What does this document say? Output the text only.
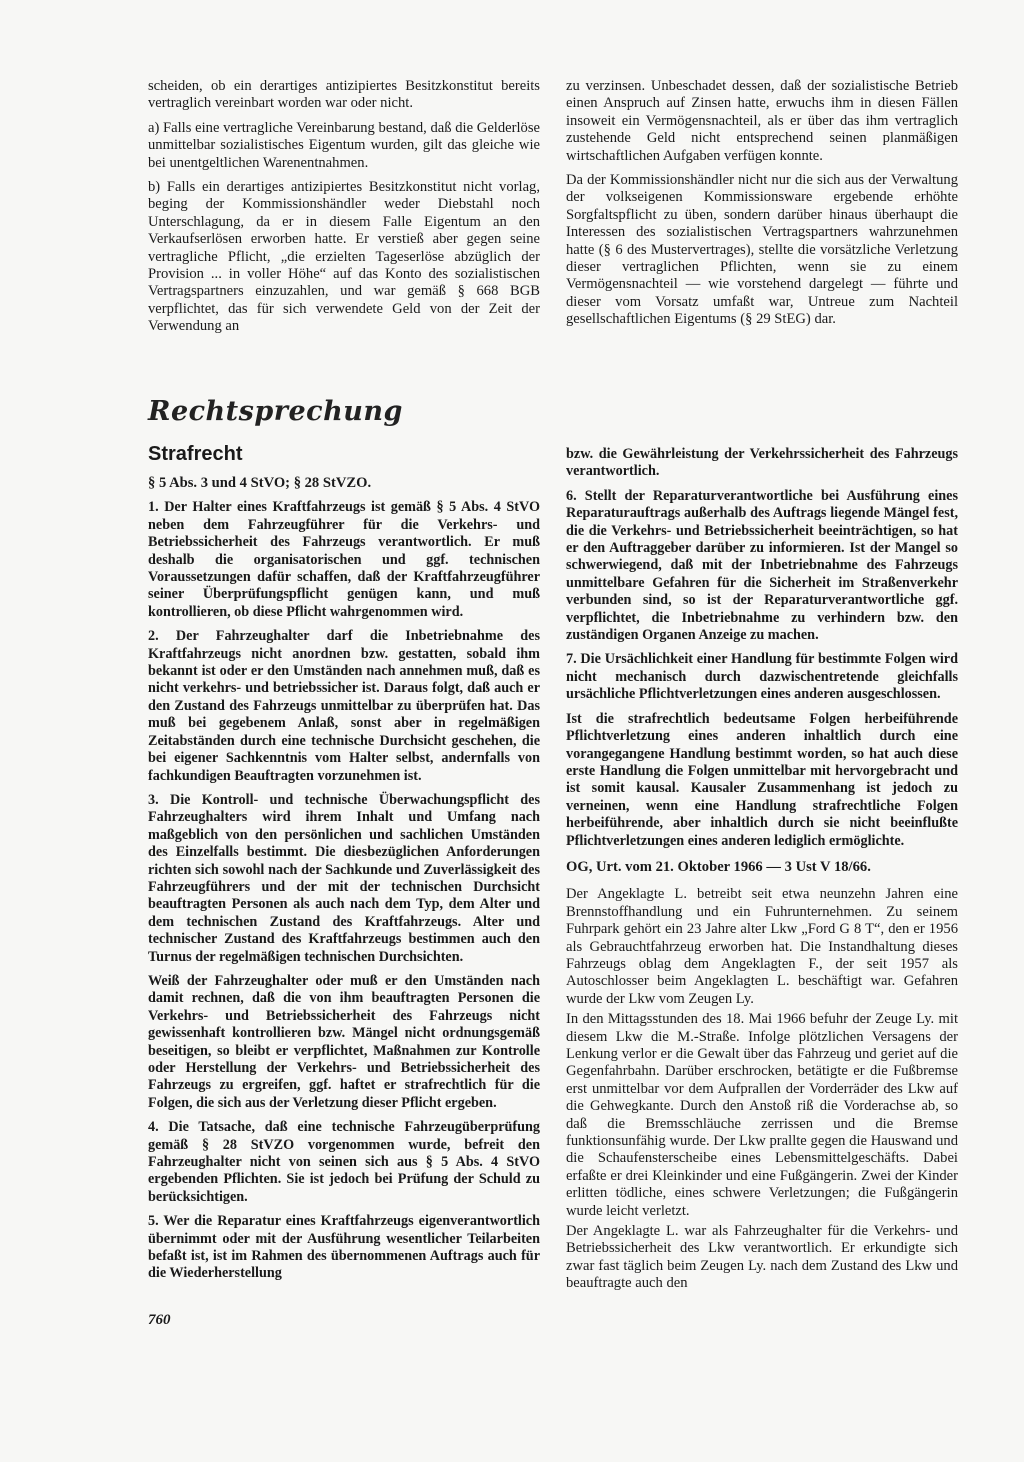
scheiden, ob ein derartiges antizipiertes Besitzkonstitut bereits vertraglich vereinbart worden war oder nicht.

a) Falls eine vertragliche Vereinbarung bestand, daß die Gelderlöse unmittelbar sozialistisches Eigentum wurden, gilt das gleiche wie bei unentgeltlichen Warenentnahmen.

b) Falls ein derartiges antizipiertes Besitzkonstitut nicht vorlag, beging der Kommissionshändler weder Diebstahl noch Unterschlagung, da er in diesem Falle Eigentum an den Verkaufserlösen erworben hatte. Er verstieß aber gegen seine vertragliche Pflicht, „die erzielten Tageserlöse abzüglich der Provision ... in voller Höhe“ auf das Konto des sozialistischen Vertragspartners einzuzahlen, und war gemäß § 668 BGB verpflichtet, das für sich verwendete Geld von der Zeit der Verwendung an

zu verzinsen. Unbeschadet dessen, daß der sozialistische Betrieb einen Anspruch auf Zinsen hatte, erwuchs ihm in diesen Fällen insoweit ein Vermögensnachteil, als er über das ihm vertraglich zustehende Geld nicht entsprechend seinen planmäßigen wirtschaftlichen Aufgaben verfügen konnte.

Da der Kommissionshändler nicht nur die sich aus der Verwaltung der volkseigenen Kommissionsware ergebende erhöhte Sorgfaltspflicht zu üben, sondern darüber hinaus überhaupt die Interessen des sozialistischen Vertragspartners wahrzunehmen hatte (§ 6 des Mustervertrages), stellte die vorsätzliche Verletzung dieser vertraglichen Pflichten, wenn sie zu einem Vermögensnachteil — wie vorstehend dargelegt — führte und dieser vom Vorsatz umfaßt war, Untreue zum Nachteil gesellschaftlichen Eigentums (§ 29 StEG) dar.

Rechtsprechung
Strafrecht

§ 5 Abs. 3 und 4 StVO; § 28 StVZO.

1. Der Halter eines Kraftfahrzeugs ist gemäß § 5 Abs. 4 StVO neben dem Fahrzeugführer für die Verkehrs- und Betriebssicherheit des Fahrzeugs verantwortlich. Er muß deshalb die organisatorischen und ggf. technischen Voraussetzungen dafür schaffen, daß der Kraftfahrzeugführer seiner Überprüfungspflicht genügen kann, und muß kontrollieren, ob diese Pflicht wahrgenommen wird.

2. Der Fahrzeughalter darf die Inbetriebnahme des Kraftfahrzeugs nicht anordnen bzw. gestatten, sobald ihm bekannt ist oder er den Umständen nach annehmen muß, daß es nicht verkehrs- und betriebssicher ist. Daraus folgt, daß auch er den Zustand des Fahrzeugs unmittelbar zu überprüfen hat. Das muß bei gegebenem Anlaß, sonst aber in regelmäßigen Zeitabständen durch eine technische Durchsicht geschehen, die bei eigener Sachkenntnis vom Halter selbst, andernfalls von fachkundigen Beauftragten vorzunehmen ist.

3. Die Kontroll- und technische Überwachungspflicht des Fahrzeughalters wird ihrem Inhalt und Umfang nach maßgeblich von den persönlichen und sachlichen Umständen des Einzelfalls bestimmt. Die diesbezüglichen Anforderungen richten sich sowohl nach der Sachkunde und Zuverlässigkeit des Fahrzeugführers und der mit der technischen Durchsicht beauftragten Personen als auch nach dem Typ, dem Alter und dem technischen Zustand des Kraftfahrzeugs. Alter und technischer Zustand des Kraftfahrzeugs bestimmen auch den Turnus der regelmäßigen technischen Durchsichten.

Weiß der Fahrzeughalter oder muß er den Umständen nach damit rechnen, daß die von ihm beauftragten Personen die Verkehrs- und Betriebssicherheit des Fahrzeugs nicht gewissenhaft kontrollieren bzw. Mängel nicht ordnungsgemäß beseitigen, so bleibt er verpflichtet, Maßnahmen zur Kontrolle oder Herstellung der Verkehrs- und Betriebssicherheit des Fahrzeugs zu ergreifen, ggf. haftet er strafrechtlich für die Folgen, die sich aus der Verletzung dieser Pflicht ergeben.

4. Die Tatsache, daß eine technische Fahrzeugüberprüfung gemäß § 28 StVZO vorgenommen wurde, befreit den Fahrzeughalter nicht von seinen sich aus § 5 Abs. 4 StVO ergebenden Pflichten. Sie ist jedoch bei Prüfung der Schuld zu berücksichtigen.

5. Wer die Reparatur eines Kraftfahrzeugs eigenverantwortlich übernimmt oder mit der Ausführung wesentlicher Teilarbeiten befaßt ist, ist im Rahmen des übernommenen Auftrags auch für die Wiederherstellung

bzw. die Gewährleistung der Verkehrssicherheit des Fahrzeugs verantwortlich.

6. Stellt der Reparaturverantwortliche bei Ausführung eines Reparaturauftrags außerhalb des Auftrags liegende Mängel fest, die die Verkehrs- und Betriebssicherheit beeinträchtigen, so hat er den Auftraggeber darüber zu informieren. Ist der Mangel so schwerwiegend, daß mit der Inbetriebnahme des Fahrzeugs unmittelbare Gefahren für die Sicherheit im Straßenverkehr verbunden sind, so ist der Reparaturverantwortliche ggf. verpflichtet, die Inbetriebnahme zu verhindern bzw. den zuständigen Organen Anzeige zu machen.

7. Die Ursächlichkeit einer Handlung für bestimmte Folgen wird nicht mechanisch durch dazwischentretende gleichfalls ursächliche Pflichtverletzungen eines anderen ausgeschlossen.

Ist die strafrechtlich bedeutsame Folgen herbeiführende Pflichtverletzung eines anderen inhaltlich durch eine vorangegangene Handlung bestimmt worden, so hat auch diese erste Handlung die Folgen unmittelbar mit hervorgebracht und ist somit kausal. Kausaler Zusammenhang ist jedoch zu verneinen, wenn eine Handlung strafrechtliche Folgen herbeiführende, aber inhaltlich durch sie nicht beeinflußte Pflichtverletzungen eines anderen lediglich ermöglichte.

OG, Urt. vom 21. Oktober 1966 — 3 Ust V 18/66.

Der Angeklagte L. betreibt seit etwa neunzehn Jahren eine Brennstoffhandlung und ein Fuhrunternehmen. Zu seinem Fuhrpark gehört ein 23 Jahre alter Lkw „Ford G 8 T“, den er 1956 als Gebrauchtfahrzeug erworben hat. Die Instandhaltung dieses Fahrzeugs oblag dem Angeklagten F., der seit 1957 als Autoschlosser beim Angeklagten L. beschäftigt war. Gefahren wurde der Lkw vom Zeugen Ly.

In den Mittagsstunden des 18. Mai 1966 befuhr der Zeuge Ly. mit diesem Lkw die M.-Straße. Infolge plötzlichen Versagens der Lenkung verlor er die Gewalt über das Fahrzeug und geriet auf die Gegenfahrbahn. Darüber erschrocken, betätigte er die Fußbremse erst unmittelbar vor dem Aufprallen der Vorderräder des Lkw auf die Gehwegkante. Durch den Anstoß riß die Vorderachse ab, so daß die Bremsschläuche zerrissen und die Bremse funktionsunfähig wurde. Der Lkw prallte gegen die Hauswand und die Schaufensterscheibe eines Lebensmittelgeschäfts. Dabei erfaßte er drei Kleinkinder und eine Fußgängerin. Zwei der Kinder erlitten tödliche, eines schwere Verletzungen; die Fußgängerin wurde leicht verletzt.

Der Angeklagte L. war als Fahrzeughalter für die Verkehrs- und Betriebssicherheit des Lkw verantwortlich. Er erkundigte sich zwar fast täglich beim Zeugen Ly. nach dem Zustand des Lkw und beauftragte auch den

760
